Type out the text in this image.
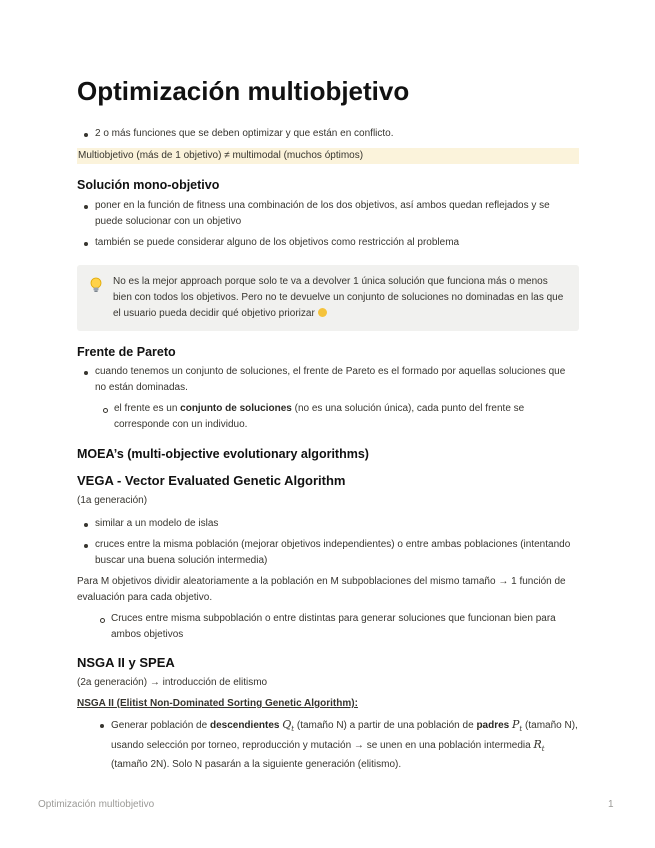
Optimización multiobjetivo
2 o más funciones que se deben optimizar y que están en conflicto.
Multiobjetivo (más de 1 objetivo) ≠ multimodal (muchos óptimos)
Solución mono-objetivo
poner en la función de fitness una combinación de los dos objetivos, así ambos quedan reflejados y se puede solucionar con un objetivo
también se puede considerar alguno de los objetivos como restricción al problema
No es la mejor approach porque solo te va a devolver 1 única solución que funciona más o menos bien con todos los objetivos. Pero no te devuelve un conjunto de soluciones no dominadas en las que el usuario pueda decidir qué objetivo priorizar
Frente de Pareto
cuando tenemos un conjunto de soluciones, el frente de Pareto es el formado por aquellas soluciones que no están dominadas.
el frente es un conjunto de soluciones (no es una solución única), cada punto del frente se corresponde con un individuo.
MOEA’s (multi-objective evolutionary algorithms)
VEGA - Vector Evaluated Genetic Algorithm
(1a generación)
similar a un modelo de islas
cruces entre la misma población (mejorar objetivos independientes) o entre ambas poblaciones (intentando buscar una buena solución intermedia)
Para M objetivos dividir aleatoriamente a la población en M subpoblaciones del mismo tamaño → 1 función de evaluación para cada objetivo.
Cruces entre misma subpoblación o entre distintas para generar soluciones que funcionan bien para ambos objetivos
NSGA II y SPEA
(2a generación) → introducción de elitismo
NSGA II (Elitist Non-Dominated Sorting Genetic Algorithm):
Generar población de descendientes $Q_t$ (tamaño N) a partir de una población de padres $P_t$ (tamaño N), usando selección por torneo, reproducción y mutación → se unen en una población intermedia $R_t$ (tamaño 2N). Solo N pasarán a la siguiente generación (elitismo).
Optimización multiobjetivo	1
